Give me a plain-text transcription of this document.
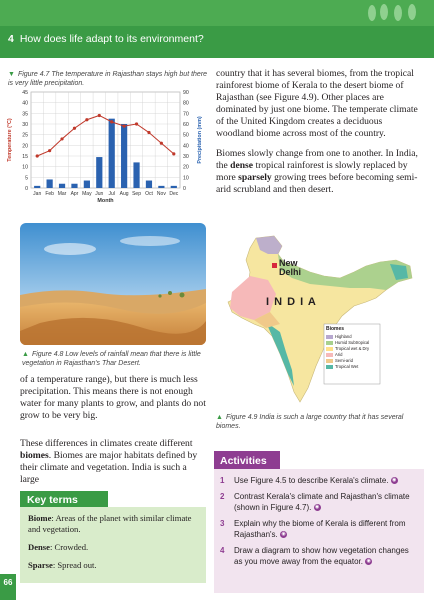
4 How does life adapt to its environment?
▼ Figure 4.7 The temperature in Rajasthan stays high but there is very little precipitation.
0
5
10
15
20
25
30
35
40
45
0
10
20
30
40
50
60
70
80
90
Jan Feb Mar Apr May Jun Jul Aug Sep Oct Nov Dec
Month
Temperature (°C)	Precipitation (mm)
country that it has several biomes, from the tropical rainforest biome of Kerala to the desert biome of Rajasthan (see Figure 4.9). Other places are dominated by just one biome. The temperate climate of the United Kingdom creates a deciduous woodland biome across most of the country.
Biomes slowly change from one to another. In India, the dense tropical rainforest is slowly replaced by more sparsely growing trees before becoming semi-arid scrubland and then desert.
▲ Figure 4.8 Low levels of rainfall mean that there is little vegetation in Rajasthan's Thar Desert.
New
Delhi
I N D I A
Biomes
Highland
Humid Subtropical
Tropical wet & Dry
Arid
Semi-arid
Tropical Wet
▲ Figure 4.9 India is such a large country that it has several biomes.
of a temperature range), but there is much less precipitation. This means there is not enough water for many plants to grow, and plants do not grow to be very big.
These differences in climates create different biomes. Biomes are major habitats defined by their climate and vegetation. India is such a large
Key terms

Biome: Areas of the planet with similar climate and vegetation.

Dense: Crowded.

Sparse: Spread out.

Activities
1 Use Figure 4.5 to describe Kerala's climate. ◉
2 Contrast Kerala's climate and Rajasthan's climate (shown in Figure 4.7). ◉
3 Explain why the biome of Kerala is different from Rajasthan's. ◉
4 Draw a diagram to show how vegetation changes as you move away from the equator. ◉
66
